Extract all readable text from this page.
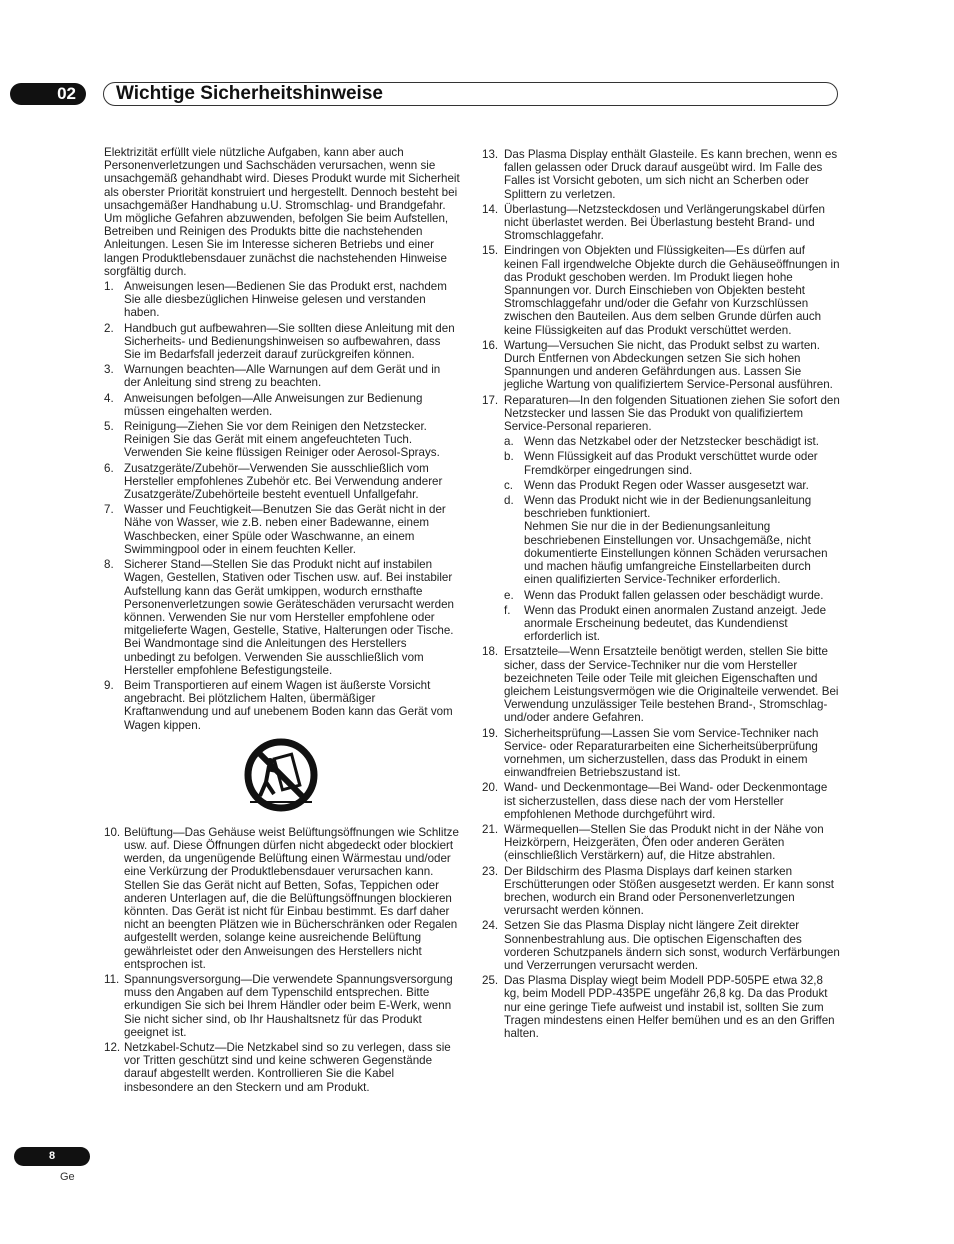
02	Wichtige Sicherheitshinweise

Elektrizität erfüllt viele nützliche Aufgaben, kann aber auch Personenverletzungen und Sachschäden verursachen, wenn sie unsachgemäß gehandhabt wird. Dieses Produkt wurde mit Sicherheit als oberster Priorität konstruiert und hergestellt. Dennoch besteht bei unsachgemäßer Handhabung u.U. Stromschlag- und Brandgefahr.

Um mögliche Gefahren abzuwenden, befolgen Sie beim Aufstellen, Betreiben und Reinigen des Produkts bitte die nachstehenden Anleitungen. Lesen Sie im Interesse sicheren Betriebs und einer langen Produktlebensdauer zunächst die nachstehenden Hinweise sorgfältig durch.

1. Anweisungen lesen—Bedienen Sie das Produkt erst, nachdem Sie alle diesbezüglichen Hinweise gelesen und verstanden haben.
2. Handbuch gut aufbewahren—Sie sollten diese Anleitung mit den Sicherheits- und Bedienungshinweisen so aufbewahren, dass Sie im Bedarfsfall jederzeit darauf zurückgreifen können.
3. Warnungen beachten—Alle Warnungen auf dem Gerät und in der Anleitung sind streng zu beachten.
4. Anweisungen befolgen—Alle Anweisungen zur Bedienung müssen eingehalten werden.
5. Reinigung—Ziehen Sie vor dem Reinigen den Netzstecker. Reinigen Sie das Gerät mit einem angefeuchteten Tuch. Verwenden Sie keine flüssigen Reiniger oder Aerosol-Sprays.
6. Zusatzgeräte/Zubehör—Verwenden Sie ausschließlich vom Hersteller empfohlenes Zubehör etc. Bei Verwendung anderer Zusatzgeräte/Zubehörteile besteht eventuell Unfallgefahr.
7. Wasser und Feuchtigkeit—Benutzen Sie das Gerät nicht in der Nähe von Wasser, wie z.B. neben einer Badewanne, einem Waschbecken, einer Spüle oder Waschwanne, an einem Swimmingpool oder in einem feuchten Keller.
8. Sicherer Stand—Stellen Sie das Produkt nicht auf instabilen Wagen, Gestellen, Stativen oder Tischen usw. auf. Bei instabiler Aufstellung kann das Gerät umkippen, wodurch ernsthafte Personenverletzungen sowie Geräteschäden verursacht werden können. Verwenden Sie nur vom Hersteller empfohlene oder mitgelieferte Wagen, Gestelle, Stative, Halterungen oder Tische. Bei Wandmontage sind die Anleitungen des Herstellers unbedingt zu befolgen. Verwenden Sie ausschließlich vom Hersteller empfohlene Befestigungsteile.
9. Beim Transportieren auf einem Wagen ist äußerste Vorsicht angebracht. Bei plötzlichem Halten, übermäßiger Kraftanwendung und auf unebenem Boden kann das Gerät vom Wagen kippen.
10. Belüftung—Das Gehäuse weist Belüftungsöffnungen wie Schlitze usw. auf. Diese Öffnungen dürfen nicht abgedeckt oder blockiert werden, da ungenügende Belüftung einen Wärmestau und/oder eine Verkürzung der Produktlebensdauer verursachen kann. Stellen Sie das Gerät nicht auf Betten, Sofas, Teppichen oder anderen Unterlagen auf, die die Belüftungsöffnungen blockieren könnten. Das Gerät ist nicht für Einbau bestimmt. Es darf daher nicht an beengten Plätzen wie in Bücherschränken oder Regalen aufgestellt werden, solange keine ausreichende Belüftung gewährleistet oder den Anweisungen des Herstellers nicht entsprochen ist.
11. Spannungsversorgung—Die verwendete Spannungsversorgung muss den Angaben auf dem Typenschild entsprechen. Bitte erkundigen Sie sich bei Ihrem Händler oder beim E-Werk, wenn Sie nicht sicher sind, ob Ihr Haushaltsnetz für das Produkt geeignet ist.
12. Netzkabel-Schutz—Die Netzkabel sind so zu verlegen, dass sie vor Tritten geschützt sind und keine schweren Gegenstände darauf abgestellt werden. Kontrollieren Sie die Kabel insbesondere an den Steckern und am Produkt.
13. Das Plasma Display enthält Glasteile. Es kann brechen, wenn es fallen gelassen oder Druck darauf ausgeübt wird. Im Falle des Falles ist Vorsicht geboten, um sich nicht an Scherben oder Splittern zu verletzen.
14. Überlastung—Netzsteckdosen und Verlängerungskabel dürfen nicht überlastet werden. Bei Überlastung besteht Brand- und Stromschlaggefahr.
15. Eindringen von Objekten und Flüssigkeiten—Es dürfen auf keinen Fall irgendwelche Objekte durch die Gehäuseöffnungen in das Produkt geschoben werden. Im Produkt liegen hohe Spannungen vor. Durch Einschieben von Objekten besteht Stromschlaggefahr und/oder die Gefahr von Kurzschlüssen zwischen den Bauteilen. Aus dem selben Grunde dürfen auch keine Flüssigkeiten auf das Produkt verschüttet werden.
16. Wartung—Versuchen Sie nicht, das Produkt selbst zu warten. Durch Entfernen von Abdeckungen setzen Sie sich hohen Spannungen und anderen Gefährdungen aus. Lassen Sie jegliche Wartung von qualifiziertem Service-Personal ausführen.
17. Reparaturen—In den folgenden Situationen ziehen Sie sofort den Netzstecker und lassen Sie das Produkt von qualifiziertem Service-Personal reparieren.
a. Wenn das Netzkabel oder der Netzstecker beschädigt ist.
b. Wenn Flüssigkeit auf das Produkt verschüttet wurde oder Fremdkörper eingedrungen sind.
c. Wenn das Produkt Regen oder Wasser ausgesetzt war.
d. Wenn das Produkt nicht wie in der Bedienungsanleitung beschrieben funktioniert.

Nehmen Sie nur die in der Bedienungsanleitung beschriebenen Einstellungen vor. Unsachgemäße, nicht dokumentierte Einstellungen können Schäden verursachen und machen häufig umfangreiche Einstellarbeiten durch einen qualifizierten Service-Techniker erforderlich.

e. Wenn das Produkt fallen gelassen oder beschädigt wurde.
f. Wenn das Produkt einen anormalen Zustand anzeigt. Jede anormale Erscheinung bedeutet, das Kundendienst erforderlich ist.
18. Ersatzteile—Wenn Ersatzteile benötigt werden, stellen Sie bitte sicher, dass der Service-Techniker nur die vom Hersteller bezeichneten Teile oder Teile mit gleichen Eigenschaften und gleichem Leistungsvermögen wie die Originalteile verwendet. Bei Verwendung unzulässiger Teile bestehen Brand-, Stromschlag- und/oder andere Gefahren.
19. Sicherheitsprüfung—Lassen Sie vom Service-Techniker nach Service- oder Reparaturarbeiten eine Sicherheitsüberprüfung vornehmen, um sicherzustellen, dass das Produkt in einem einwandfreien Betriebszustand ist.
20. Wand- und Deckenmontage—Bei Wand- oder Deckenmontage ist sicherzustellen, dass diese nach der vom Hersteller empfohlenen Methode durchgeführt wird.
21. Wärmequellen—Stellen Sie das Produkt nicht in der Nähe von Heizkörpern, Heizgeräten, Öfen oder anderen Geräten (einschließlich Verstärkern) auf, die Hitze abstrahlen.
23. Der Bildschirm des Plasma Displays darf keinen starken Erschütterungen oder Stößen ausgesetzt werden. Er kann sonst brechen, wodurch ein Brand oder Personenverletzungen verursacht werden können.
24. Setzen Sie das Plasma Display nicht längere Zeit direkter Sonnenbestrahlung aus. Die optischen Eigenschaften des vorderen Schutzpanels ändern sich sonst, wodurch Verfärbungen und Verzerrungen verursacht werden.
25. Das Plasma Display wiegt beim Modell PDP-505PE etwa 32,8 kg, beim Modell PDP-435PE ungefähr 26,8 kg. Da das Produkt nur eine geringe Tiefe aufweist und instabil ist, sollten Sie zum Tragen mindestens einen Helfer bemühen und es an den Griffen halten.
8
Ge
